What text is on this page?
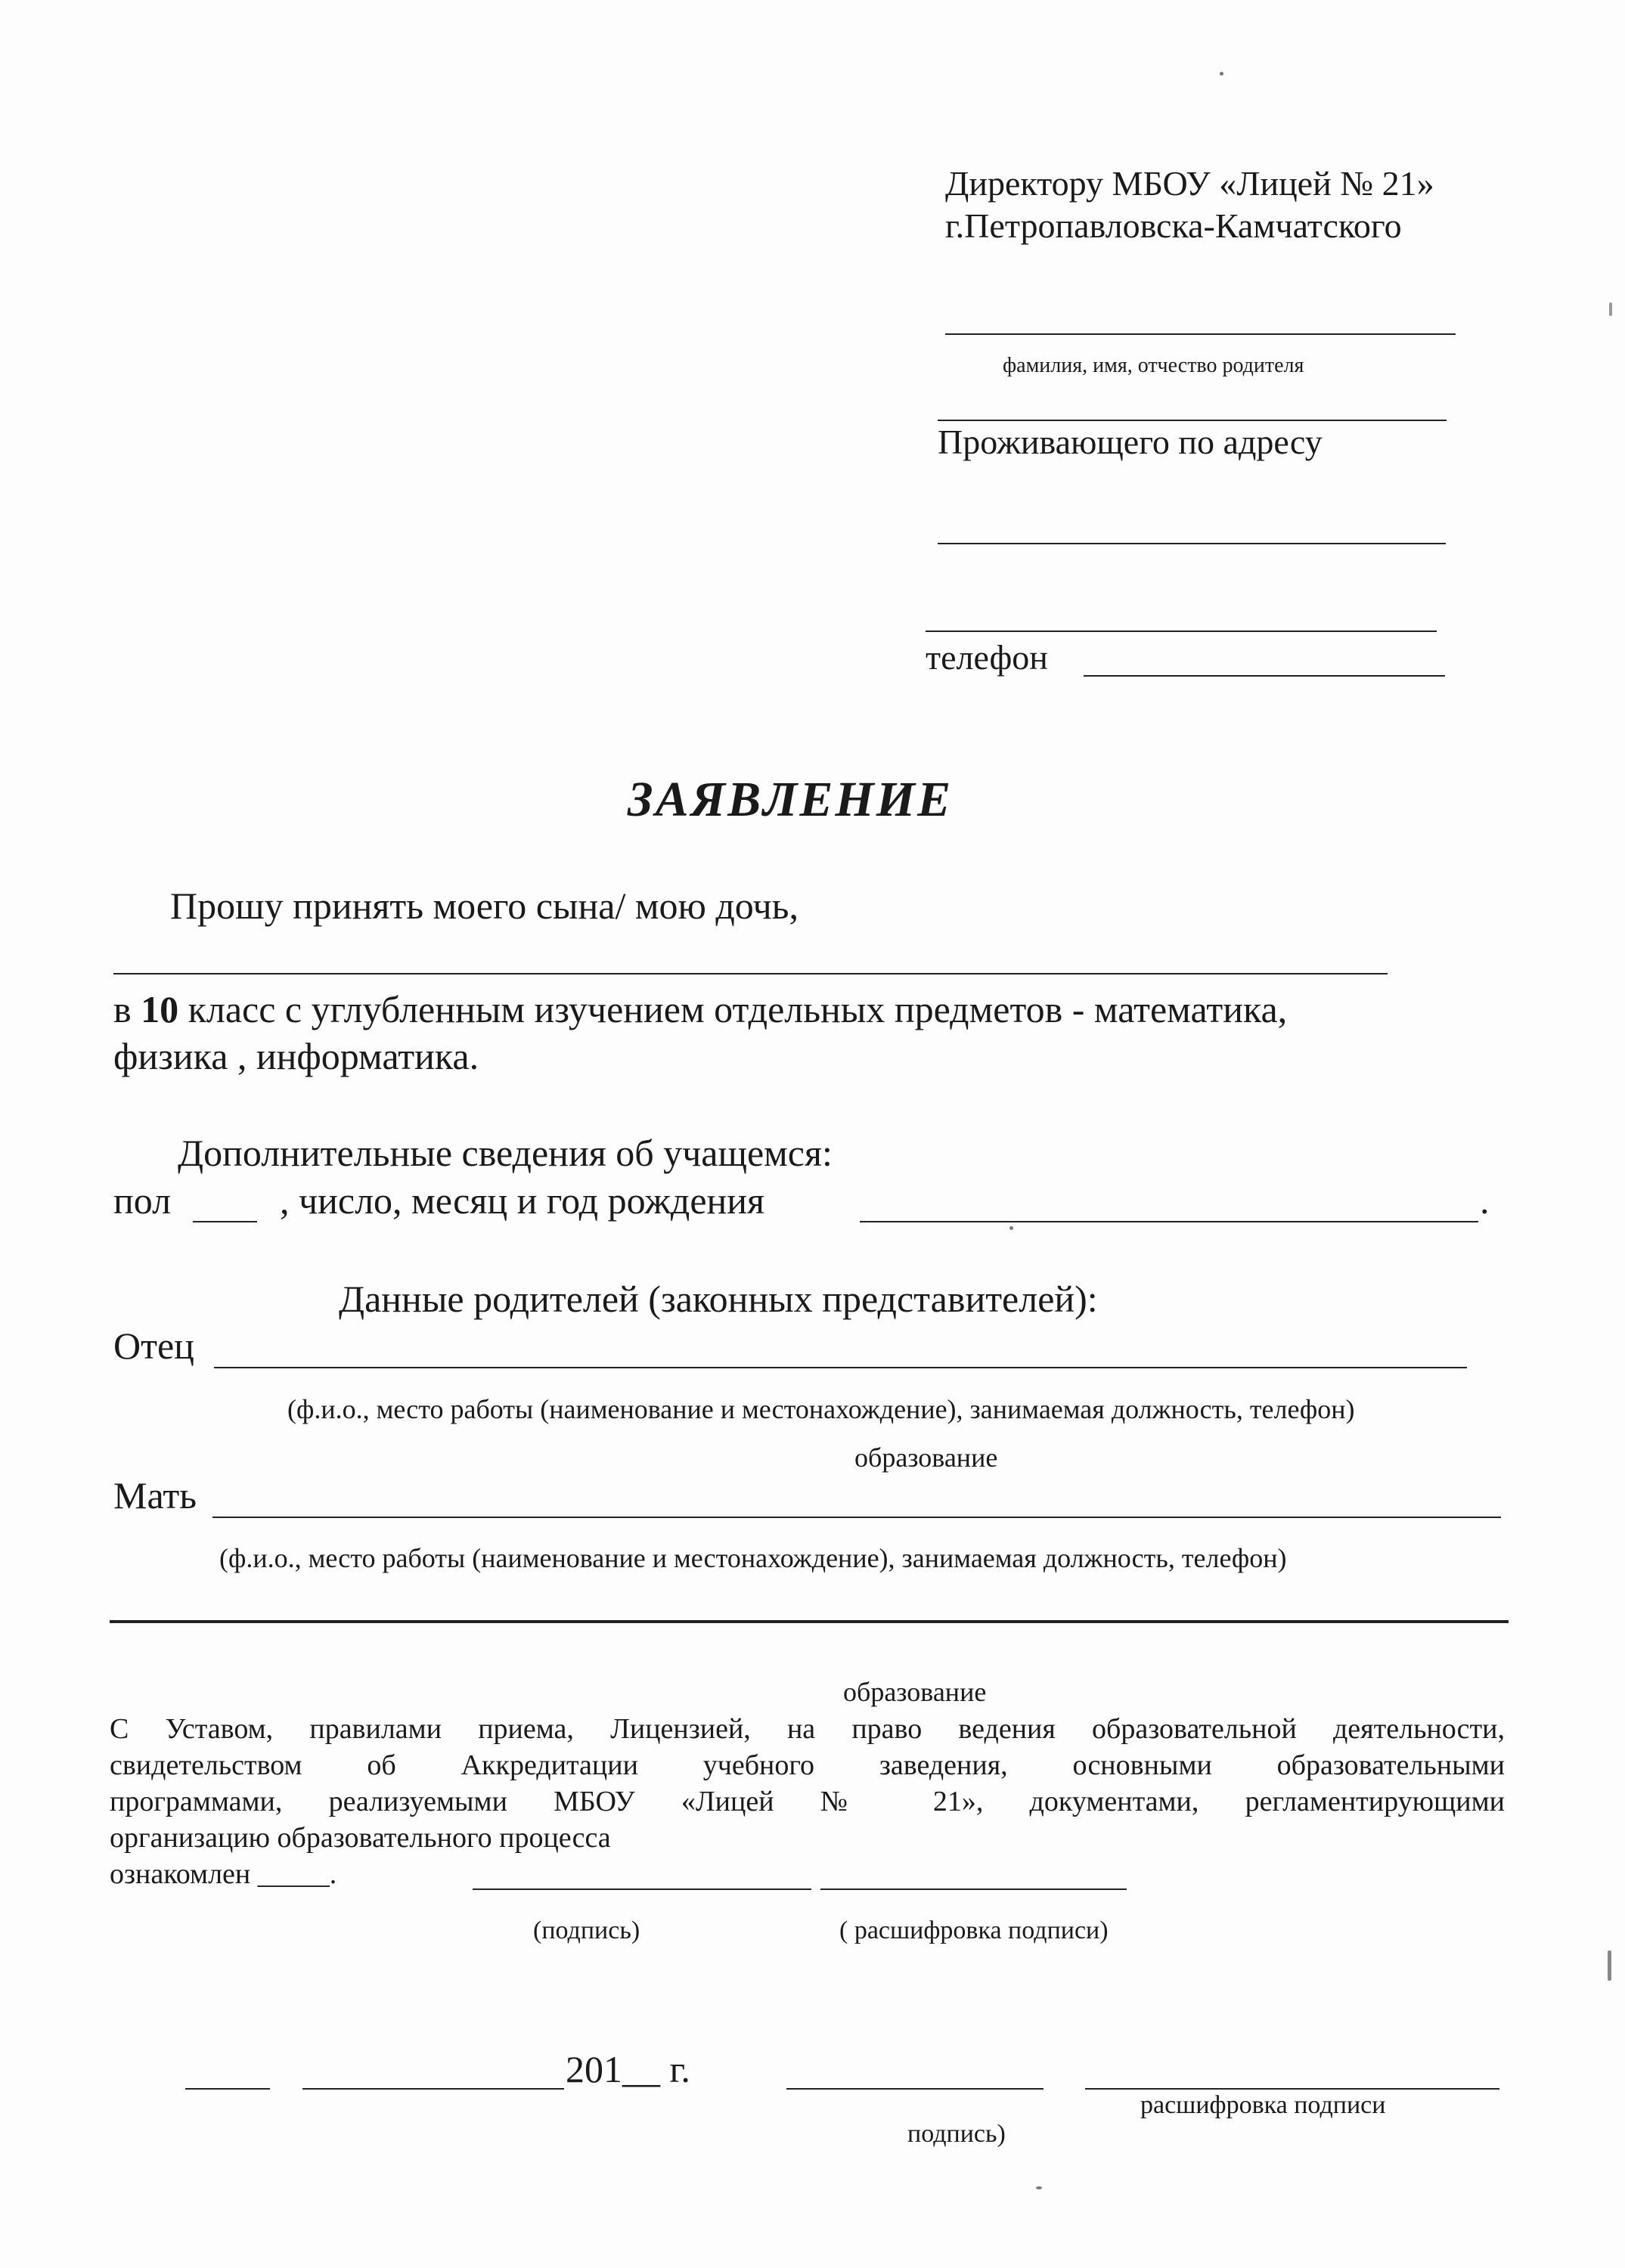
Директору МБОУ «Лицей № 21»
г.Петропавловска-Камчатского
фамилия, имя, отчество родителя
Проживающего по адресу
телефон
ЗАЯВЛЕНИЕ
Прошу принять моего сына/ мою дочь,
в 10 класс с углубленным изучением отдельных предметов - математика,
физика , информатика.
Дополнительные сведения об учащемся:
пол	, число, месяц и год рождения	.
Данные родителей (законных представителей):
Отец
(ф.и.о., место работы (наименование и местонахождение), занимаемая должность, телефон)
образование
Мать
(ф.и.о., место работы (наименование и местонахождение), занимаемая должность, телефон)
образование
С Уставом, правилами приема, Лицензией, на право ведения образовательной деятельности,
свидетельством об Аккредитации учебного заведения, основными образовательными
программами, реализуемыми МБОУ «Лицей № 21», документами, регламентирующими
организацию образовательного процесса
ознакомлен _____.
(подпись)	( расшифровка подписи)
201__ г.
расшифровка подписи
подпись)
